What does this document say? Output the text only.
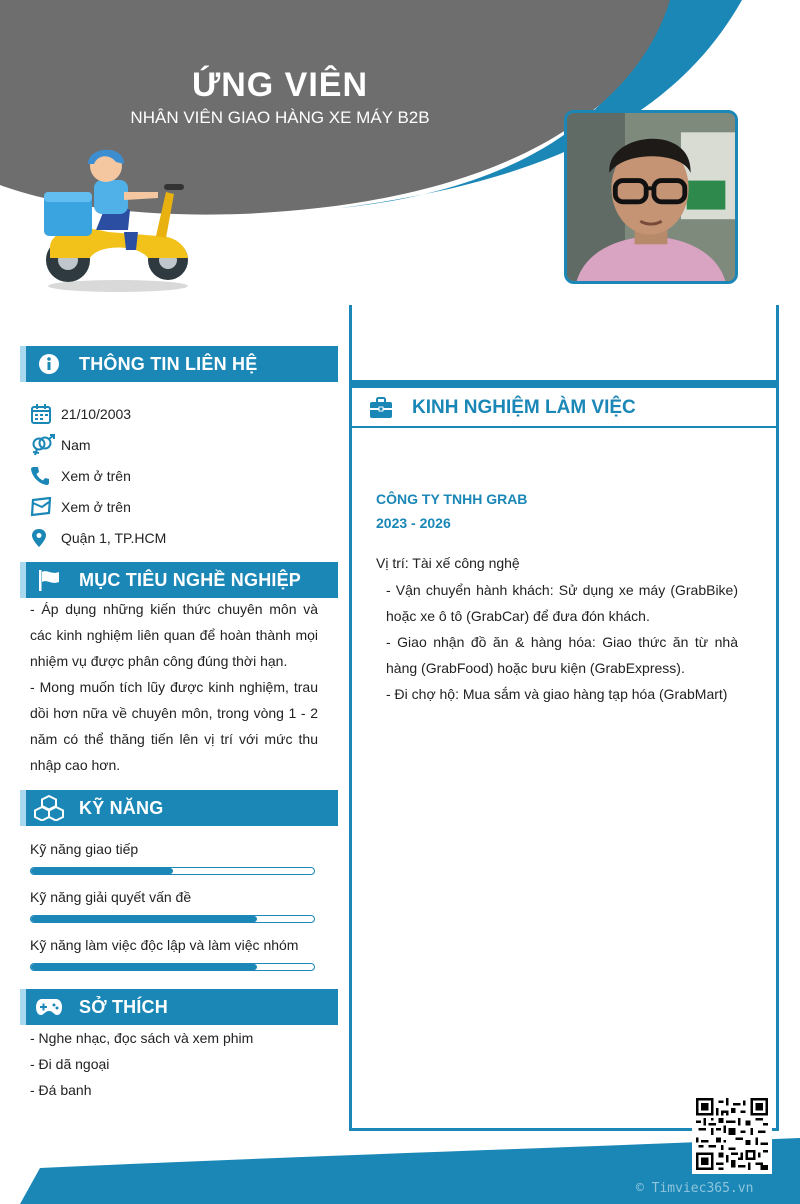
ỨNG VIÊN
NHÂN VIÊN GIAO HÀNG XE MÁY B2B
THÔNG TIN LIÊN HỆ
21/10/2003
Nam
Xem ở trên
Xem ở trên
Quận 1, TP.HCM
MỤC TIÊU NGHỀ NGHIỆP
- Áp dụng những kiến thức chuyên môn và các kinh nghiệm liên quan để hoàn thành mọi nhiệm vụ được phân công đúng thời hạn.
- Mong muốn tích lũy được kinh nghiệm, trau dồi hơn nữa về chuyên môn, trong vòng 1 - 2 năm có thể thăng tiến lên vị trí với mức thu nhập cao hơn.
KỸ NĂNG
Kỹ năng giao tiếp
Kỹ năng giải quyết vấn đề
Kỹ năng làm việc độc lập và làm việc nhóm
SỞ THÍCH
- Nghe nhạc, đọc sách và xem phim
- Đi dã ngoại
- Đá banh
KINH NGHIỆM LÀM VIỆC
CÔNG TY TNHH GRAB
2023 - 2026
Vị trí: Tài xế công nghệ
- Vận chuyển hành khách: Sử dụng xe máy (GrabBike) hoặc xe ô tô (GrabCar) để đưa đón khách.
- Giao nhận đồ ăn & hàng hóa: Giao thức ăn từ nhà hàng (GrabFood) hoặc bưu kiện (GrabExpress).
- Đi chợ hộ: Mua sắm và giao hàng tạp hóa (GrabMart)
© Timviec365.vn
